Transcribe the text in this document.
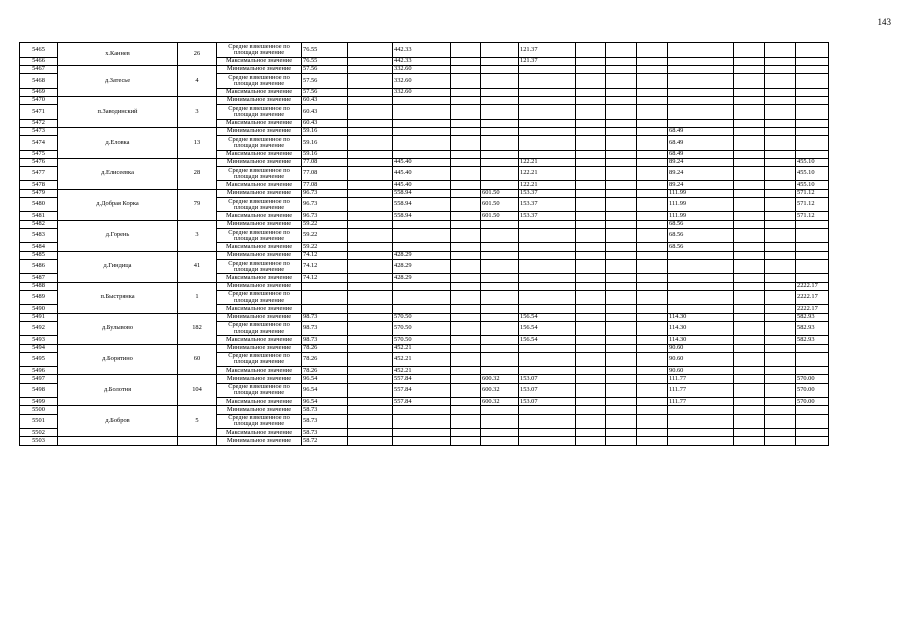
143
5465	х.Каннев	26	Средне взвешенное по площади значение	76.55		442.33			121.37							
5466			Максимальное значение	76.55		442.33			121.37							
5467	д.Затесье	4	Минимальное значение	57.56		332.60										
5468			Средне взвешенное по площади значение	57.56		332.60										
5469			Максимальное значение	57.56		332.60										
5470	п.Заводинский	3	Минимальное значение	60.43												
5471			Средне взвешенное по площади значение	60.43												
5472			Максимальное значение	60.43												
5473	д.Еловка	13	Минимальное значение	59.16									68.49			
5474			Средне взвешенное по площади значение	59.16									68.49			
5475			Максимальное значение	59.16									68.49			
5476	д.Елисеевка	28	Минимальное значение	77.08		445.40			122.21				89.24			455.10
5477			Средне взвешенное по площади значение	77.08		445.40			122.21				89.24			455.10
5478			Максимальное значение	77.08		445.40			122.21				89.24			455.10
5479	д.Добрая Корка	79	Минимальное значение	96.73		558.94		601.50	153.37				111.99			571.12
5480			Средне взвешенное по площади значение	96.73		558.94		601.50	153.37				111.99			571.12
5481			Максимальное значение	96.73		558.94		601.50	153.37				111.99			571.12
5482	д.Горень	3	Минимальное значение	59.22									68.56			
5483			Средне взвешенное по площади значение	59.22									68.56			
5484			Максимальное значение	59.22									68.56			
5485	д.Гиндица	41	Минимальное значение	74.12		428.29										
5486			Средне взвешенное по площади значение	74.12		428.29										
5487			Максимальное значение	74.12		428.29										
5488	п.Быстрянка	1	Минимальное значение													2222.17
5489			Средне взвешенное по площади значение													2222.17
5490			Максимальное значение													2222.17
5491	д.Булывово	182	Минимальное значение	98.73		570.50			156.54				114.30			582.93
5492			Средне взвешенное по площади значение	98.73		570.50			156.54				114.30			582.93
5493			Максимальное значение	98.73		570.50			156.54				114.30			582.93
5494	д.Борятино	60	Минимальное значение	78.26		452.21							90.60			
5495			Средне взвешенное по площади значение	78.26		452.21							90.60			
5496			Максимальное значение	78.26		452.21							90.60			
5497	д.Болотня	104	Минимальное значение	96.54		557.84		600.32	153.07				111.77			570.00
5498			Средне взвешенное по площади значение	96.54		557.84		600.32	153.07				111.77			570.00
5499			Максимальное значение	96.54		557.84		600.32	153.07				111.77			570.00
5500	д.Бобров	5	Минимальное значение	58.73												
5501			Средне взвешенное по площади значение	58.73												
5502			Максимальное значение	58.73												
5503			Минимальное значение	58.72												
